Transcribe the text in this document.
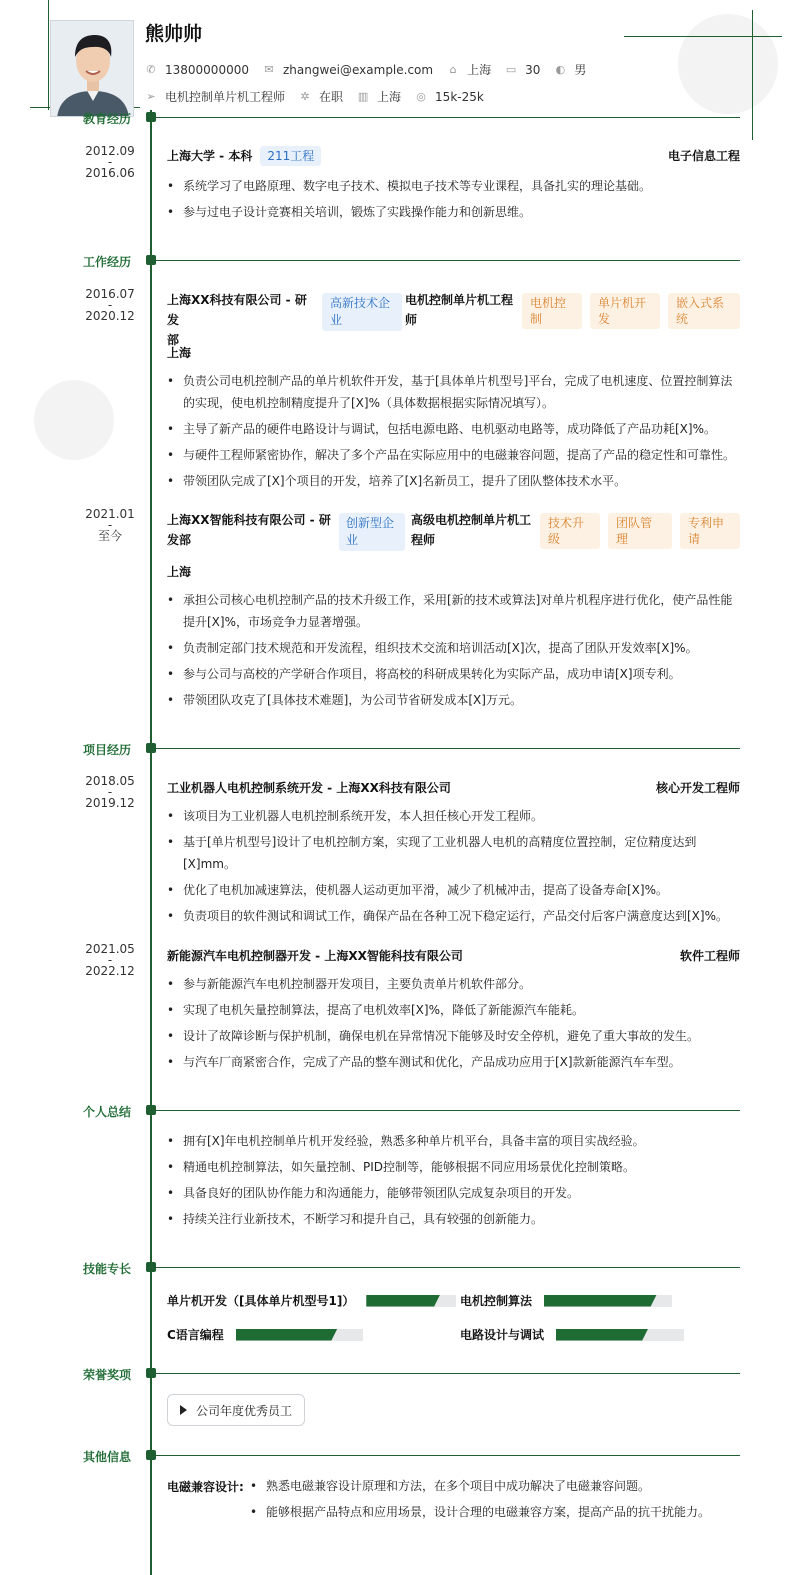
熊帅帅
✆ 13800000000 ✉ zhangwei@example.com ⌂ 上海 ▭ 30 ◐ 男
➢ 电机控制单片机工程师 ✲ 在职 ▥ 上海 ◎ 15k-25k
教育经历
2012.09
-
2016.06
上海大学 - 本科	211工程	电子信息工程
• 系统学习了电路原理、数字电子技术、模拟电子技术等专业课程，具备扎实的理论基础。
• 参与过电子设计竞赛相关培训，锻炼了实践操作能力和创新思维。
工作经历
2016.07
-
2020.12
上海XX科技有限公司 - 研发
部
高新技术企
业
电机控制单片机工程
师
电机控
制
单片机开
发
嵌入式系
统
上海
• 负责公司电机控制产品的单片机软件开发，基于[具体单片机型号]平台，完成了电机速度、位置控制算法的实现，使电机控制精度提升了[X]%（具体数据根据实际情况填写）。
• 主导了新产品的硬件电路设计与调试，包括电源电路、电机驱动电路等，成功降低了产品功耗[X]%。
• 与硬件工程师紧密协作，解决了多个产品在实际应用中的电磁兼容问题，提高了产品的稳定性和可靠性。
• 带领团队完成了[X]个项目的开发，培养了[X]名新员工，提升了团队整体技术水平。
2021.01
-
至今
上海XX智能科技有限公司 - 研
发部
创新型企
业
高级电机控制单片机工
程师
技术升
级
团队管
理
专利申
请
上海
• 承担公司核心电机控制产品的技术升级工作，采用[新的技术或算法]对单片机程序进行优化，使产品性能提升[X]%，市场竞争力显著增强。
• 负责制定部门技术规范和开发流程，组织技术交流和培训活动[X]次，提高了团队开发效率[X]%。
• 参与公司与高校的产学研合作项目，将高校的科研成果转化为实际产品，成功申请[X]项专利。
• 带领团队攻克了[具体技术难题]，为公司节省研发成本[X]万元。
项目经历
2018.05
-
2019.12
工业机器人电机控制系统开发 - 上海XX科技有限公司	核心开发工程师
• 该项目为工业机器人电机控制系统开发，本人担任核心开发工程师。
• 基于[单片机型号]设计了电机控制方案，实现了工业机器人电机的高精度位置控制，定位精度达到[X]mm。
• 优化了电机加减速算法，使机器人运动更加平滑，减少了机械冲击，提高了设备寿命[X]%。
• 负责项目的软件测试和调试工作，确保产品在各种工况下稳定运行，产品交付后客户满意度达到[X]%。
2021.05
-
2022.12
新能源汽车电机控制器开发 - 上海XX智能科技有限公司	软件工程师
• 参与新能源汽车电机控制器开发项目，主要负责单片机软件部分。
• 实现了电机矢量控制算法，提高了电机效率[X]%，降低了新能源汽车能耗。
• 设计了故障诊断与保护机制，确保电机在异常情况下能够及时安全停机，避免了重大事故的发生。
• 与汽车厂商紧密合作，完成了产品的整车测试和优化，产品成功应用于[X]款新能源汽车车型。
个人总结
• 拥有[X]年电机控制单片机开发经验，熟悉多种单片机平台，具备丰富的项目实战经验。
• 精通电机控制算法，如矢量控制、PID控制等，能够根据不同应用场景优化控制策略。
• 具备良好的团队协作能力和沟通能力，能够带领团队完成复杂项目的开发。
• 持续关注行业新技术，不断学习和提升自己，具有较强的创新能力。
技能专长
单片机开发（[具体单片机型号1]）	电机控制算法
C语言编程	电路设计与调试
荣誉奖项
公司年度优秀员工
其他信息
电磁兼容设计:
•	熟悉电磁兼容设计原理和方法，在多个项目中成功解决了电磁兼容问题。
• 能够根据产品特点和应用场景，设计合理的电磁兼容方案，提高产品的抗干扰能力。
